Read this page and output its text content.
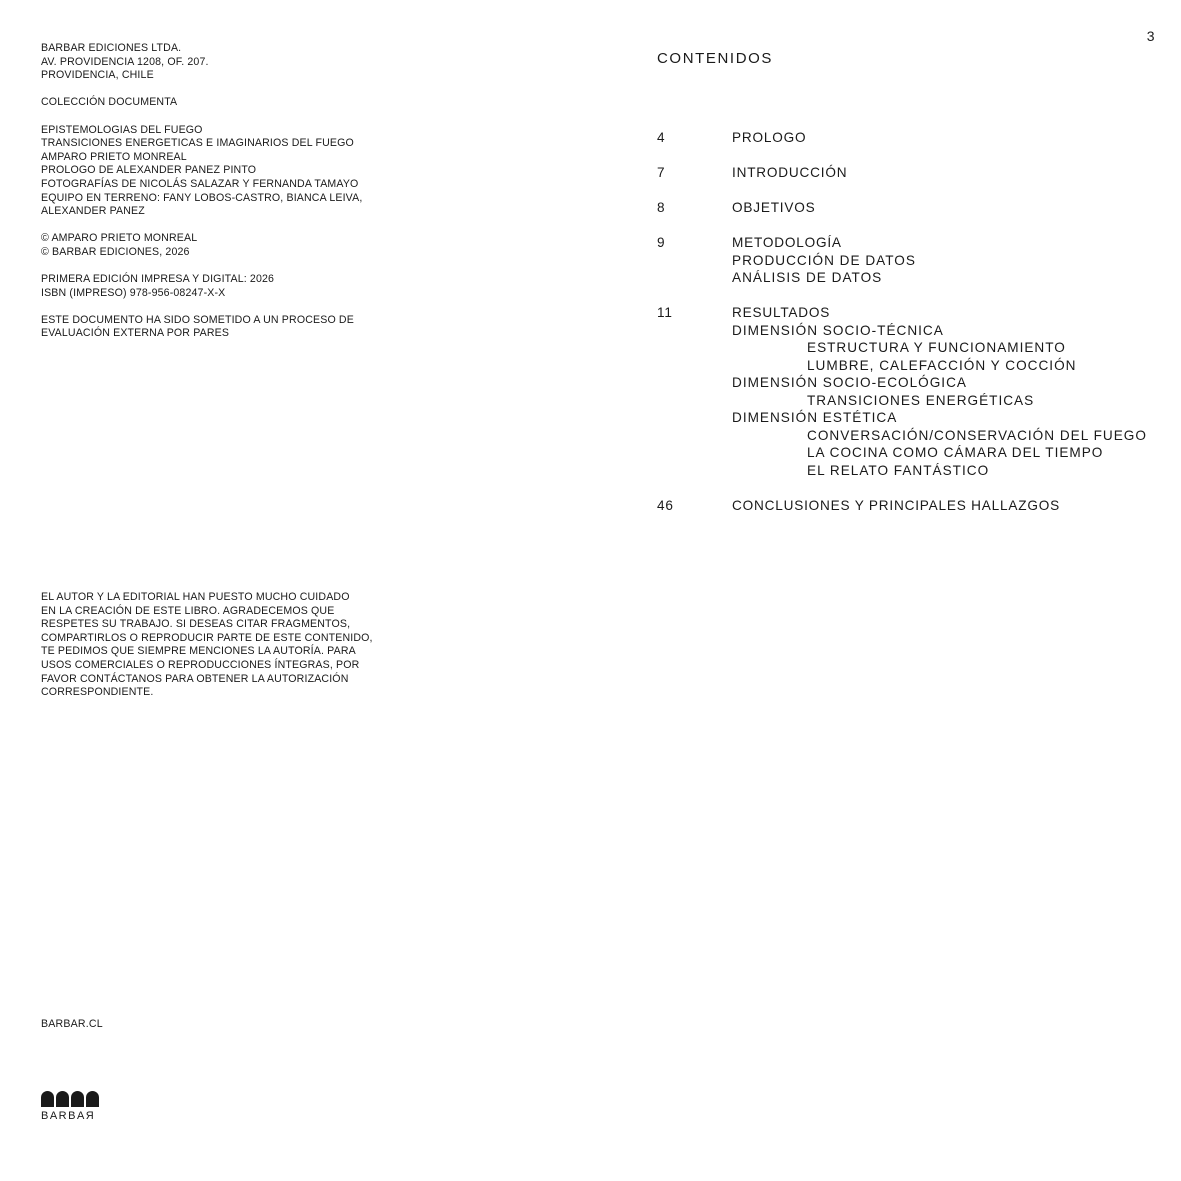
3
BARBAR EDICIONES LTDA.
AV. PROVIDENCIA 1208, OF. 207.
PROVIDENCIA, CHILE
COLECCIÓN DOCUMENTA
EPISTEMOLOGIAS DEL FUEGO
TRANSICIONES ENERGETICAS E IMAGINARIOS DEL FUEGO
AMPARO PRIETO MONREAL
PROLOGO DE ALEXANDER PANEZ PINTO
FOTOGRAFÍAS DE NICOLÁS SALAZAR Y FERNANDA TAMAYO
EQUIPO EN TERRENO: FANY LOBOS-CASTRO, BIANCA LEIVA,
ALEXANDER PANEZ
© AMPARO PRIETO MONREAL
© BARBAR EDICIONES, 2026
PRIMERA EDICIÓN IMPRESA Y DIGITAL: 2026
ISBN (IMPRESO) 978-956-08247-X-X
ESTE DOCUMENTO HA SIDO SOMETIDO A UN PROCESO DE
EVALUACIÓN EXTERNA POR PARES
EL AUTOR Y LA EDITORIAL HAN PUESTO MUCHO CUIDADO
EN LA CREACIÓN DE ESTE LIBRO. AGRADECEMOS QUE
RESPETES SU TRABAJO. SI DESEAS CITAR FRAGMENTOS,
COMPARTIRLOS O REPRODUCIR PARTE DE ESTE CONTENIDO,
TE PEDIMOS QUE SIEMPRE MENCIONES LA AUTORÍA. PARA
USOS COMERCIALES O REPRODUCCIONES ÍNTEGRAS, POR
FAVOR CONTÁCTANOS PARA OBTENER LA AUTORIZACIÓN
CORRESPONDIENTE.
BARBAR.CL
BARBAЯ
CONTENIDOS
4	PROLOGO
7	INTRODUCCIÓN
8	OBJETIVOS
9	METODOLOGÍA
PRODUCCIÓN DE DATOS
ANÁLISIS DE DATOS
11	RESULTADOS
DIMENSIÓN SOCIO-TÉCNICA
ESTRUCTURA Y FUNCIONAMIENTO
LUMBRE, CALEFACCIÓN Y COCCIÓN
DIMENSIÓN SOCIO-ECOLÓGICA
TRANSICIONES ENERGÉTICAS
DIMENSIÓN ESTÉTICA
CONVERSACIÓN/CONSERVACIÓN DEL FUEGO
LA COCINA COMO CÁMARA DEL TIEMPO
EL RELATO FANTÁSTICO
46	CONCLUSIONES Y PRINCIPALES HALLAZGOS
